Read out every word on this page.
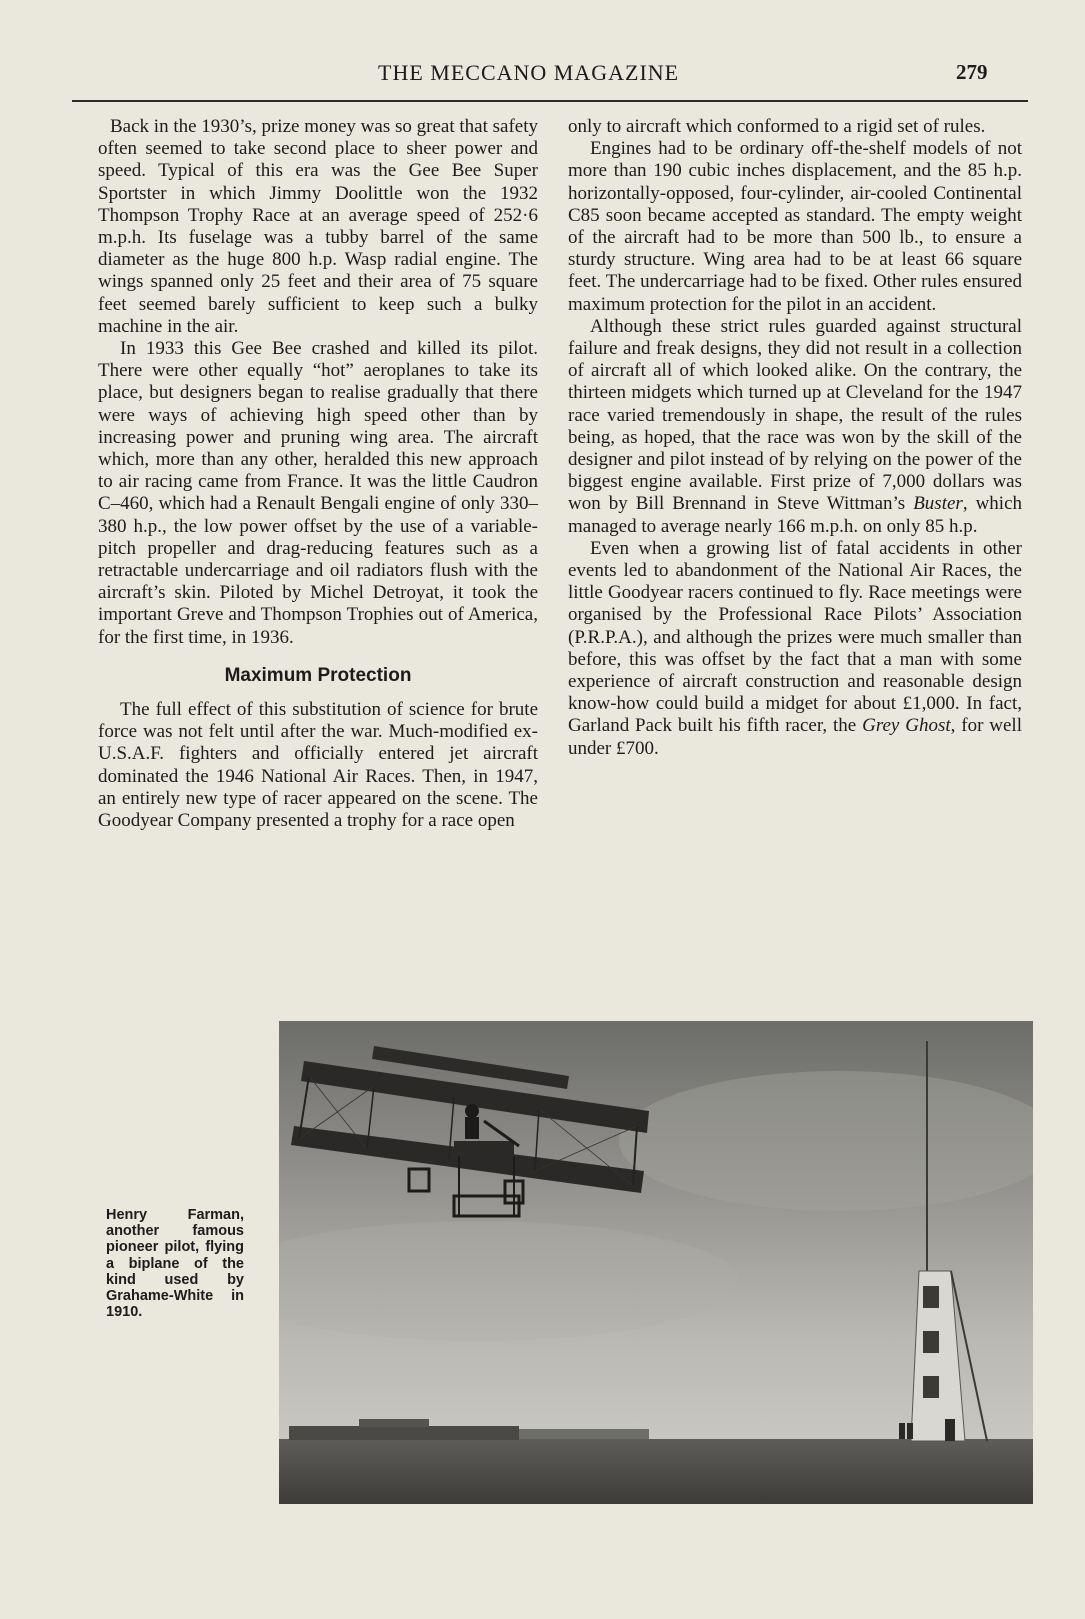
THE MECCANO MAGAZINE	279

Back in the 1930’s, prize money was so great that safety often seemed to take second place to sheer power and speed. Typical of this era was the Gee Bee Super Sportster in which Jimmy Doolittle won the 1932 Thompson Trophy Race at an average speed of 252·6 m.p.h. Its fuselage was a tubby barrel of the same diameter as the huge 800 h.p. Wasp radial engine. The wings spanned only 25 feet and their area of 75 square feet seemed barely sufficient to keep such a bulky machine in the air.

In 1933 this Gee Bee crashed and killed its pilot. There were other equally “hot” aeroplanes to take its place, but designers began to realise gradually that there were ways of achieving high speed other than by increasing power and pruning wing area. The aircraft which, more than any other, heralded this new approach to air racing came from France. It was the little Caudron C–460, which had a Renault Bengali engine of only 330–380 h.p., the low power offset by the use of a variable-pitch propeller and drag-reducing features such as a retractable undercarriage and oil radiators flush with the aircraft’s skin. Piloted by Michel Detroyat, it took the important Greve and Thompson Trophies out of America, for the first time, in 1936.

Maximum Protection

The full effect of this substitution of science for brute force was not felt until after the war. Much-modified ex-U.S.A.F. fighters and officially entered jet aircraft dominated the 1946 National Air Races. Then, in 1947, an entirely new type of racer appeared on the scene. The Goodyear Company presented a trophy for a race open

only to aircraft which conformed to a rigid set of rules.

Engines had to be ordinary off-the-shelf models of not more than 190 cubic inches displacement, and the 85 h.p. horizontally-opposed, four-cylinder, air-cooled Continental C85 soon became accepted as standard. The empty weight of the aircraft had to be more than 500 lb., to ensure a sturdy structure. Wing area had to be at least 66 square feet. The undercarriage had to be fixed. Other rules ensured maximum protection for the pilot in an accident.

Although these strict rules guarded against structural failure and freak designs, they did not result in a collection of aircraft all of which looked alike. On the contrary, the thirteen midgets which turned up at Cleveland for the 1947 race varied tremendously in shape, the result of the rules being, as hoped, that the race was won by the skill of the designer and pilot instead of by relying on the power of the biggest engine available. First prize of 7,000 dollars was won by Bill Brennand in Steve Wittman’s Buster, which managed to average nearly 166 m.p.h. on only 85 h.p.

Even when a growing list of fatal accidents in other events led to abandonment of the National Air Races, the little Goodyear racers continued to fly. Race meetings were organised by the Professional Race Pilots’ Association (P.R.P.A.), and although the prizes were much smaller than before, this was offset by the fact that a man with some experience of aircraft construction and reasonable design know-how could build a midget for about £1,000. In fact, Garland Pack built his fifth racer, the Grey Ghost, for well under £700.

Henry Farman, another famous pioneer pilot, flying a biplane of the kind used by Grahame-White in 1910.
